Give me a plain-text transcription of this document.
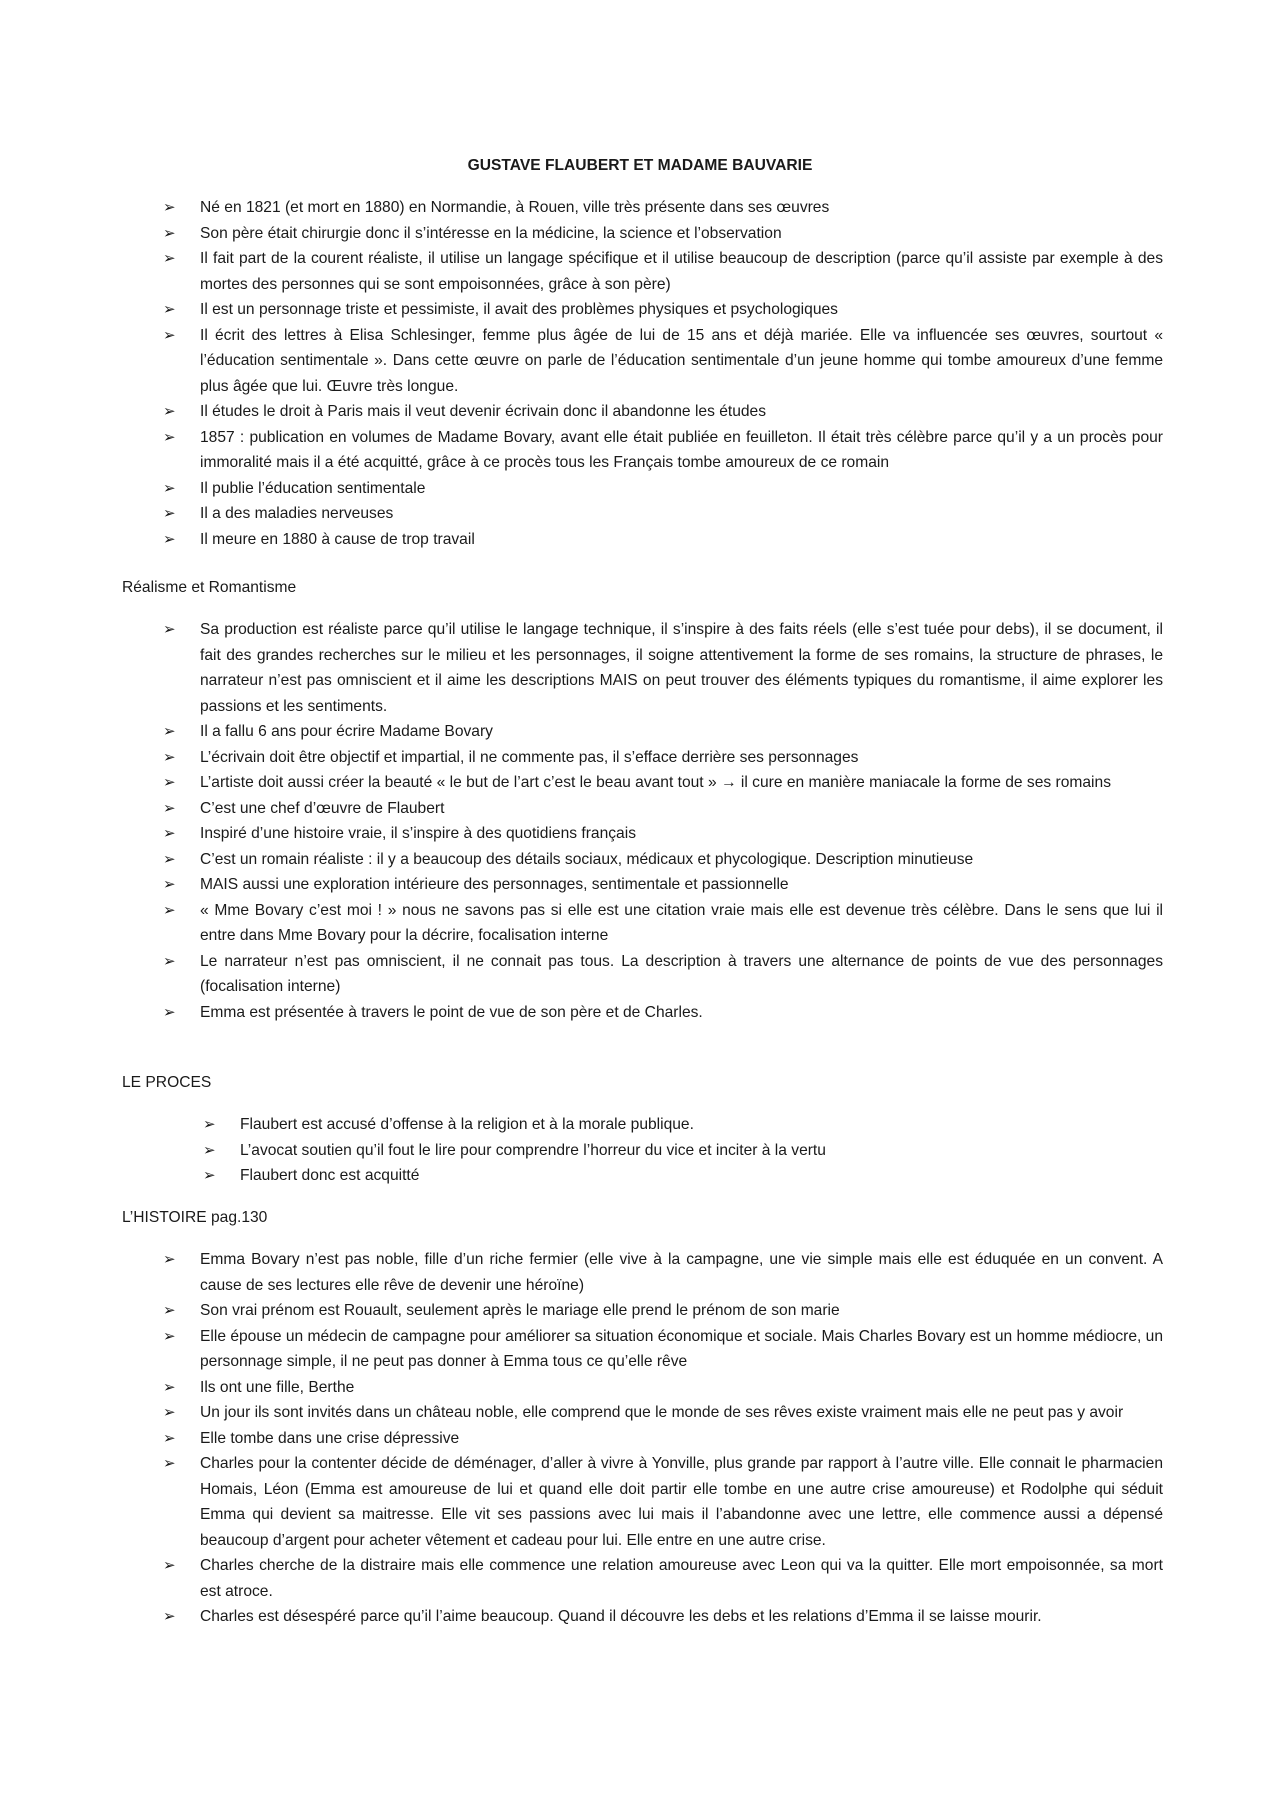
GUSTAVE FLAUBERT ET MADAME BAUVARIE
➢	Né en 1821 (et mort en 1880) en Normandie, à Rouen, ville très présente dans ses œuvres
➢	Son père était chirurgie donc il s’intéresse en la médicine, la science et l’observation
➢	Il fait part de la courent réaliste, il utilise un langage spécifique et il utilise beaucoup de description (parce qu’il assiste par exemple à des mortes des personnes qui se sont empoisonnées, grâce à son père)
➢	Il est un personnage triste et pessimiste, il avait des problèmes physiques et psychologiques
➢	Il écrit des lettres à Elisa Schlesinger, femme plus âgée de lui de 15 ans et déjà mariée. Elle va influencée ses œuvres, sourtout « l’éducation sentimentale ». Dans cette œuvre on parle de l’éducation sentimentale d’un jeune homme qui tombe amoureux d’une femme plus âgée que lui. Œuvre très longue.
➢	Il études le droit à Paris mais il veut devenir écrivain donc il abandonne les études
➢	1857 : publication en volumes de Madame Bovary, avant elle était publiée en feuilleton. Il était très célèbre parce qu’il y a un procès pour immoralité mais il a été acquitté, grâce à ce procès tous les Français tombe amoureux de ce romain
➢	Il publie l’éducation sentimentale
➢	Il a des maladies nerveuses
➢	Il meure en 1880 à cause de trop travail
Réalisme et Romantisme
➢	Sa production est réaliste parce qu’il utilise le langage technique, il s’inspire à des faits réels (elle s’est tuée pour debs), il se document, il fait des grandes recherches sur le milieu et les personnages, il soigne attentivement la forme de ses romains, la structure de phrases, le narrateur n’est pas omniscient et il aime les descriptions MAIS on peut trouver des éléments typiques du romantisme, il aime explorer les passions et les sentiments.
➢	Il a fallu 6 ans pour écrire Madame Bovary
➢	L’écrivain doit être objectif et impartial, il ne commente pas, il s’efface derrière ses personnages
➢	L’artiste doit aussi créer la beauté « le but de l’art c’est le beau avant tout » → il cure en manière maniacale la forme de ses romains
➢	C’est une chef d’œuvre de Flaubert
➢	Inspiré d’une histoire vraie, il s’inspire à des quotidiens français
➢	C’est un romain réaliste : il y a beaucoup des détails sociaux, médicaux et phycologique. Description minutieuse
➢	MAIS aussi une exploration intérieure des personnages, sentimentale et passionnelle
➢	« Mme Bovary c’est moi ! » nous ne savons pas si elle est une citation vraie mais elle est devenue très célèbre. Dans le sens que lui il entre dans Mme Bovary pour la décrire, focalisation interne
➢	Le narrateur n’est pas omniscient, il ne connait pas tous. La description à travers une alternance de points de vue des personnages (focalisation interne)
➢	Emma est présentée à travers le point de vue de son père et de Charles.
LE PROCES
➢	Flaubert est accusé d’offense à la religion et à la morale publique.
➢	L’avocat soutien qu’il fout le lire pour comprendre l’horreur du vice et inciter à la vertu
➢	Flaubert donc est acquitté
L’HISTOIRE pag.130
➢	Emma Bovary n’est pas noble, fille d’un riche fermier (elle vive à la campagne, une vie simple mais elle est éduquée en un convent. A cause de ses lectures elle rêve de devenir une héroïne)
➢	Son vrai prénom est Rouault, seulement après le mariage elle prend le prénom de son marie
➢	Elle épouse un médecin de campagne pour améliorer sa situation économique et sociale. Mais Charles Bovary est un homme médiocre, un personnage simple, il ne peut pas donner à Emma tous ce qu’elle rêve
➢	Ils ont une fille, Berthe
➢	Un jour ils sont invités dans un château noble, elle comprend que le monde de ses rêves existe vraiment mais elle ne peut pas y avoir
➢	Elle tombe dans une crise dépressive
➢	Charles pour la contenter décide de déménager, d’aller à vivre à Yonville, plus grande par rapport à l’autre ville. Elle connait le pharmacien Homais, Léon (Emma est amoureuse de lui et quand elle doit partir elle tombe en une autre crise amoureuse) et Rodolphe qui séduit Emma qui devient sa maitresse. Elle vit ses passions avec lui mais il l’abandonne avec une lettre, elle commence aussi a dépensé beaucoup d’argent pour acheter vêtement et cadeau pour lui. Elle entre en une autre crise.
➢	Charles cherche de la distraire mais elle commence une relation amoureuse avec Leon qui va la quitter. Elle mort empoisonnée, sa mort est atroce.
➢	Charles est désespéré parce qu’il l’aime beaucoup. Quand il découvre les debs et les relations d’Emma il se laisse mourir.
